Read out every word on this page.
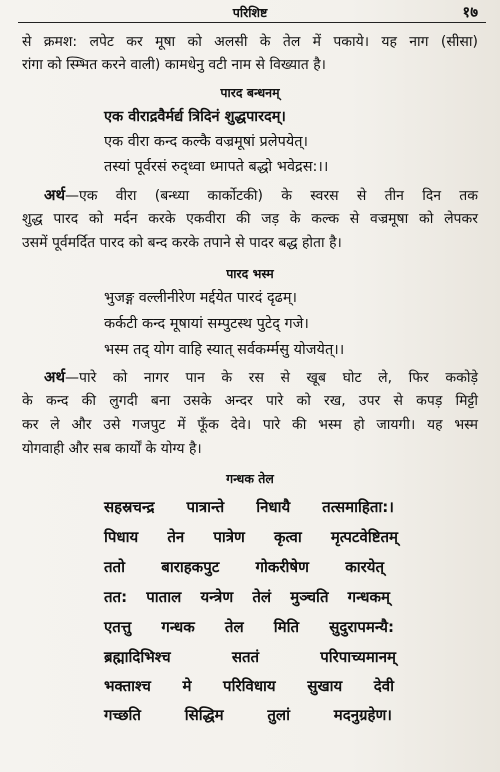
परिशिष्ट	१७
से क्रमश: लपेट कर मूषा को अलसी के तेल में पकाये। यह नाग (सीसा)
रांगा को स्म्भित करने वाली) कामधेनु वटी नाम से विख्यात है।
पारद बन्धनम्
एक वीराद्रवैर्मर्द्य त्रिदिनं शुद्धपारदम्।
एक वीरा कन्द कल्कै वज्रमूषां प्रलेपयेत्।
तस्यां पूर्वरसं रुद्ध्वा ध्मापते बद्धो भवेद्रस:।।
अर्थ—एक वीरा (बन्ध्या कार्कोटकी) के स्वरस से तीन दिन तक
शुद्ध पारद को मर्दन करके एकवीरा की जड़ के कल्क से वज्रमूषा को लेपकर
उसमें पूर्वमर्दित पारद को बन्द करके तपाने से पादर बद्ध होता है।
पारद भस्म
भुजङ्ग वल्लीनीरेण मर्द्दयेत पारदं दृढम्।
कर्कटी कन्द मूषायां सम्पुटस्थ पुटेद् गजे।
भस्म तद् योग वाहि स्यात् सर्वकर्म्मसु योजयेत्।।
अर्थ—पारे को नागर पान के रस से खूब घोट ले, फिर ककोड़े
के कन्द की लुगदी बना उसके अन्दर पारे को रख, उपर से कपड़ मिट्टी
कर ले और उसे गजपुट में फूँक देवे। पारे की भस्म हो जायगी। यह भस्म
योगवाही और सब कार्यों के योग्य है।
गन्धक तेल
सहस्रचन्द्र पात्रान्ते निधायै तत्समाहिता:।
पिधाय तेन पात्रेण कृत्वा मृत्पटवेष्टितम्
ततो बाराहकपुट गोकरीषेण कारयेत्
तत: पाताल यन्त्रेण तेलं मुञ्चति गन्धकम्
एतत्तु गन्धक तेल मिति सुदुरापमन्यै:
ब्रह्मादिभिश्च सततं परिपाच्यमानम्
भक्ताश्च मे परिविधाय सुखाय देवी
गच्छति सिद्धिम तुलां मदनुग्रहेण।
